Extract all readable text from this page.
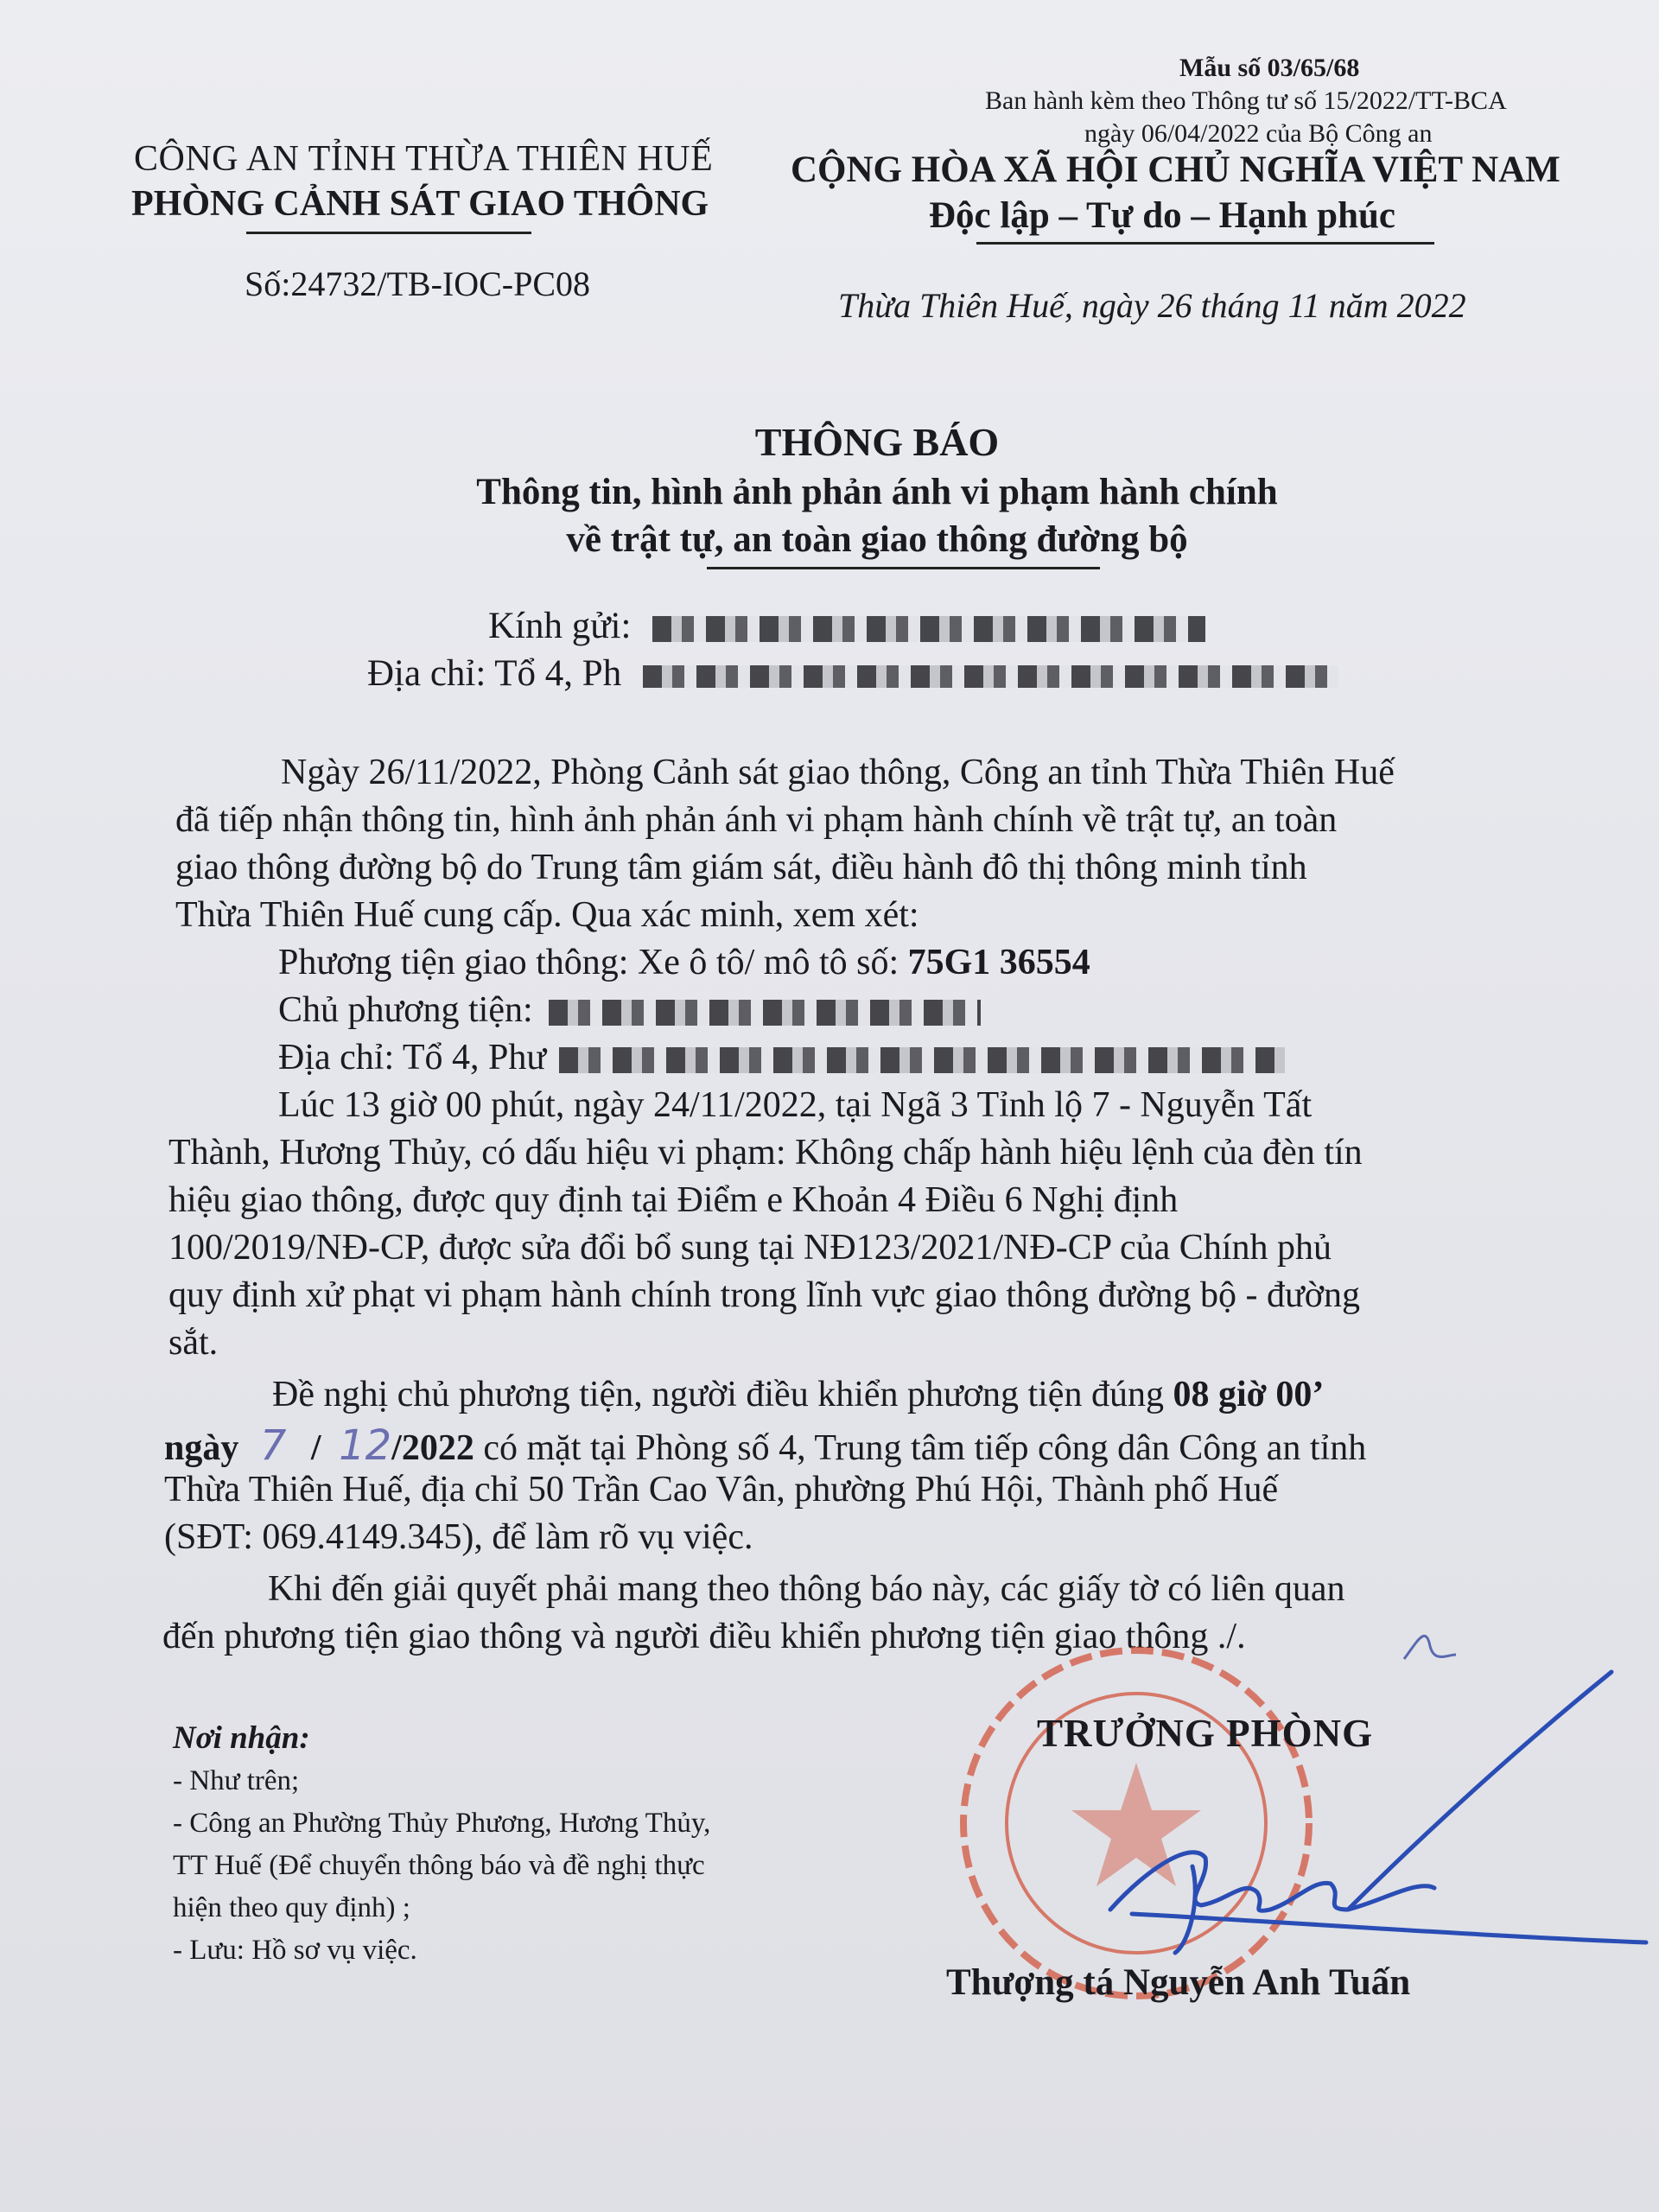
Mẫu số 03/65/68
Ban hành kèm theo Thông tư số 15/2022/TT-BCA
ngày 06/04/2022 của Bộ Công an
CÔNG AN TỈNH THỪA THIÊN HUẾ
PHÒNG CẢNH SÁT GIAO THÔNG
Số:24732/TB-IOC-PC08
CỘNG HÒA XÃ HỘI CHỦ NGHĨA VIỆT NAM
Độc lập – Tự do – Hạnh phúc
Thừa Thiên Huế, ngày 26 tháng 11 năm 2022
THÔNG BÁO
Thông tin, hình ảnh phản ánh vi phạm hành chính
về trật tự, an toàn giao thông đường bộ
Kính gửi:
Địa chỉ: Tổ 4, Ph
Ngày 26/11/2022, Phòng Cảnh sát giao thông, Công an tỉnh Thừa Thiên Huế
đã tiếp nhận thông tin, hình ảnh phản ánh vi phạm hành chính về trật tự, an toàn
giao thông đường bộ do Trung tâm giám sát, điều hành đô thị thông minh tỉnh
Thừa Thiên Huế cung cấp. Qua xác minh, xem xét:
Phương tiện giao thông: Xe ô tô/ mô tô số: 75G1 36554
Chủ phương tiện:
Địa chỉ: Tổ 4, Phư
Lúc 13 giờ 00 phút, ngày 24/11/2022, tại Ngã 3 Tỉnh lộ 7 - Nguyễn Tất
Thành, Hương Thủy, có dấu hiệu vi phạm: Không chấp hành hiệu lệnh của đèn tín
hiệu giao thông, được quy định tại Điểm e Khoản 4 Điều 6 Nghị định
100/2019/NĐ-CP, được sửa đổi bổ sung tại NĐ123/2021/NĐ-CP của Chính phủ
quy định xử phạt vi phạm hành chính trong lĩnh vực giao thông đường bộ - đường
sắt.
Đề nghị chủ phương tiện, người điều khiển phương tiện đúng 08 giờ 00’
ngày 7 / 12/2022 có mặt tại Phòng số 4, Trung tâm tiếp công dân Công an tỉnh
Thừa Thiên Huế, địa chỉ 50 Trần Cao Vân, phường Phú Hội, Thành phố Huế
(SĐT: 069.4149.345), để làm rõ vụ việc.
Khi đến giải quyết phải mang theo thông báo này, các giấy tờ có liên quan
đến phương tiện giao thông và người điều khiển phương tiện giao thông ./.
Nơi nhận:
- Như trên;
- Công an Phường Thủy Phương, Hương Thủy,
TT Huế (Để chuyển thông báo và đề nghị thực
hiện theo quy định) ;
- Lưu: Hồ sơ vụ việc.
TRƯỞNG PHÒNG
Thượng tá Nguyễn Anh Tuấn
